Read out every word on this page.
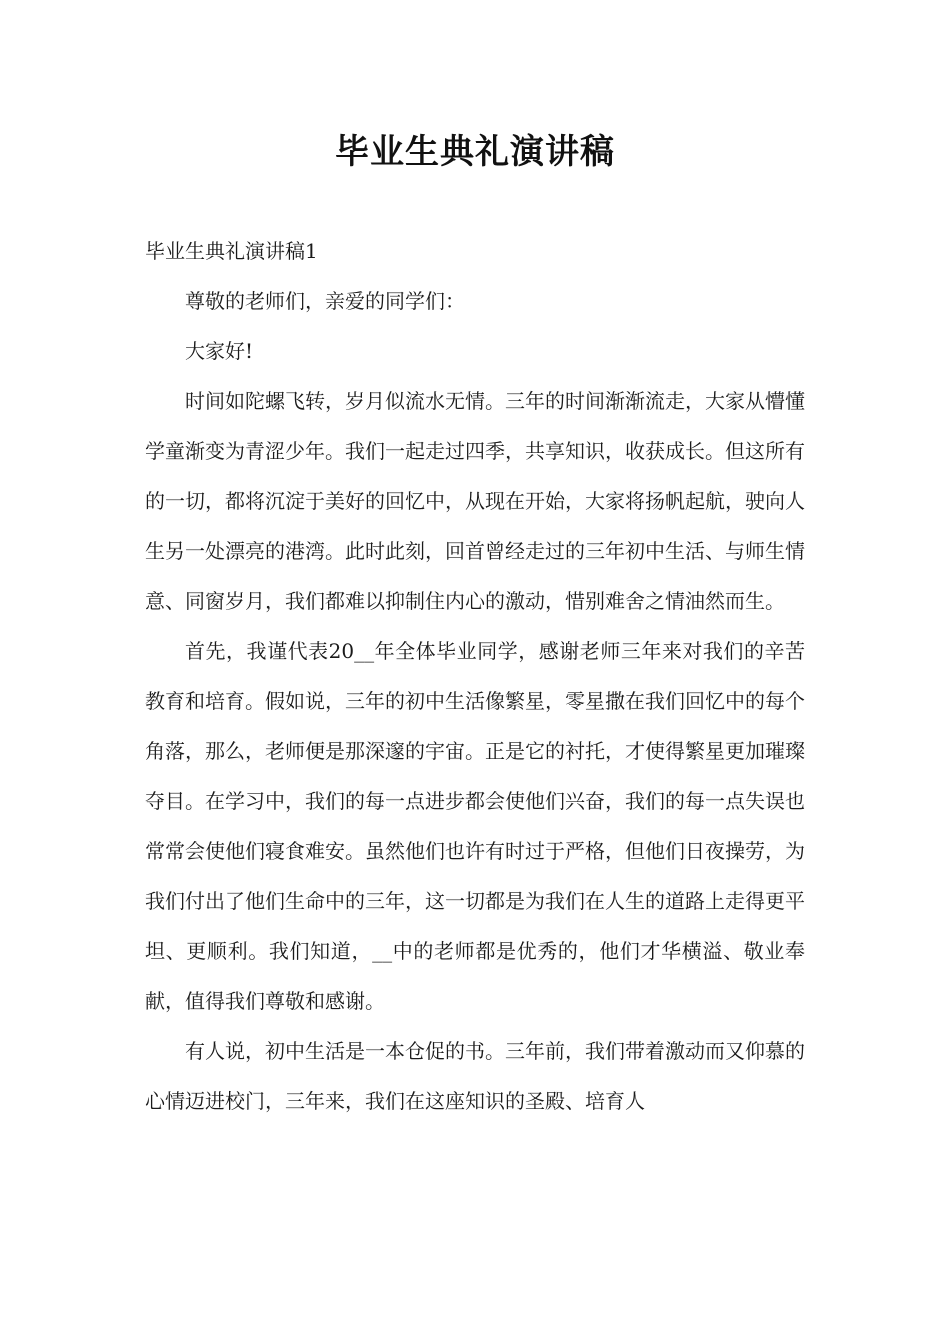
毕业生典礼演讲稿

毕业生典礼演讲稿1

尊敬的老师们，亲爱的同学们：

大家好!

时间如陀螺飞转，岁月似流水无情。三年的时间渐渐流走，大家从懵懂学童渐变为青涩少年。我们一起走过四季，共享知识，收获成长。但这所有的一切，都将沉淀于美好的回忆中，从现在开始，大家将扬帆起航，驶向人生另一处漂亮的港湾。此时此刻，回首曾经走过的三年初中生活、与师生情意、同窗岁月，我们都难以抑制住内心的激动，惜别难舍之情油然而生。

首先，我谨代表20__年全体毕业同学，感谢老师三年来对我们的辛苦教育和培育。假如说，三年的初中生活像繁星，零星撒在我们回忆中的每个角落，那么，老师便是那深邃的宇宙。正是它的衬托，才使得繁星更加璀璨夺目。在学习中，我们的每一点进步都会使他们兴奋，我们的每一点失误也常常会使他们寝食难安。虽然他们也许有时过于严格，但他们日夜操劳，为我们付出了他们生命中的三年，这一切都是为我们在人生的道路上走得更平坦、更顺利。我们知道，__中的老师都是优秀的，他们才华横溢、敬业奉献，值得我们尊敬和感谢。

有人说，初中生活是一本仓促的书。三年前，我们带着激动而又仰慕的心情迈进校门，三年来，我们在这座知识的圣殿、培育人
